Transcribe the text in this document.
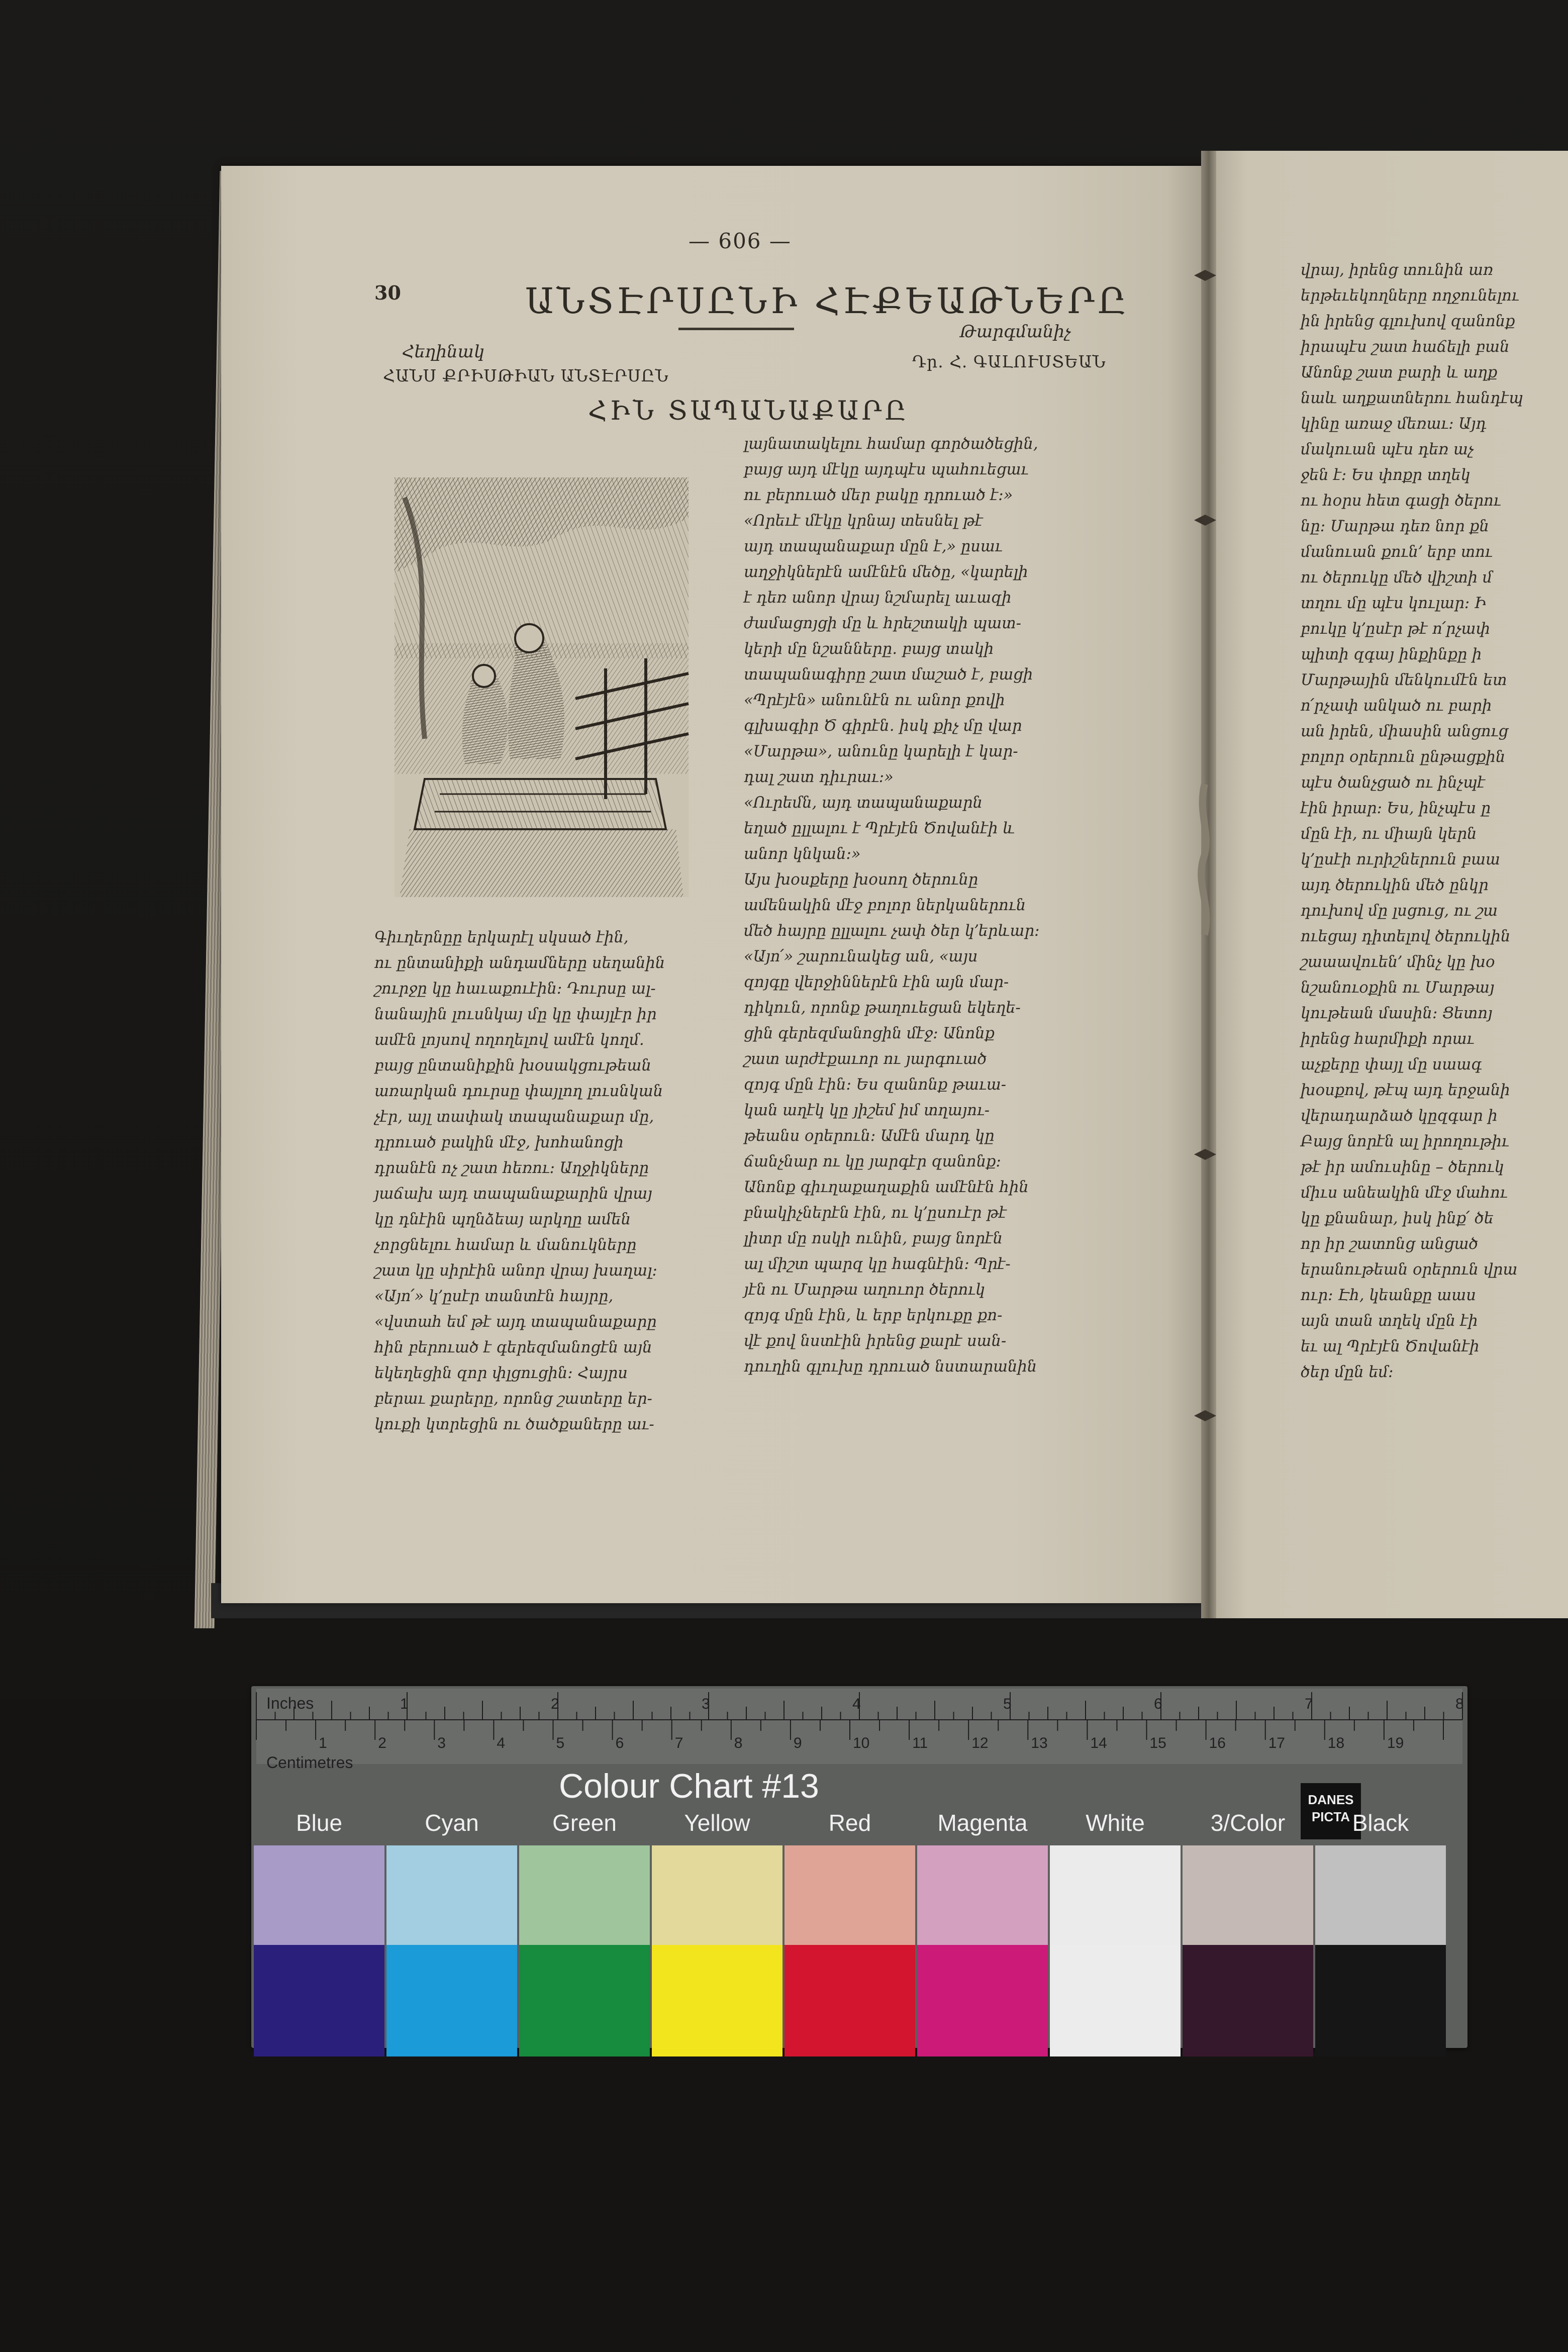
— 606 —
30	ԱՆՏԷՐՍԸՆԻ ՀԷՔԵԱԹՆԵՐԸ
Հեղինակ
ՀԱՆՍ ՔՐԻՍԹԻԱՆ ԱՆՏԷՐՍԸՆ
Թարգմանիչ
Դր. Հ. ԳԱԼՈՒՍՏԵԱՆ
ՀԻՆ ՏԱՊԱՆԱՔԱՐԸ
Գիւղերնըը երկարէլ սկսած էին,
ու ընտանիքի անդամները սեղանին
շուրջը կը հաւաքուէին։ Դուրսը ալ-
նանային լուսնկայ մը կը փայլէր իր
ամէն լոյսով ողողելով ամէն կողմ․
բայց ընտանիքին խօսակցութեան
առարկան դուրսը փայլող լուսնկան
չէր, այլ տափակ տապանաքար մը,
դրուած բակին մէջ, խոհանոցի
դրանէն ոչ շատ հեռու։ Աղջիկները
յաճախ այդ տապանաքարին վրայ
կը դնէին պղնձեայ արկղը ամեն
չորցնելու համար և մանուկները
շատ կը սիրէին անոր վրայ խաղալ։
«Այո՛» կ՚ըսէր տանտէն հայրը,
«վստահ եմ թէ այդ տապանաքարը
հին բերուած է գերեզմանոցէն այն
եկեղեցին զոր փլցուցին։ Հայրս
բերաւ քարերը, որոնց շատերը եր-
կուքի կտրեցին ու ծածքաները աւ-
լայնատակելու համար գործածեցին,
բայց այդ մէկը այդպէս պահուեցաւ
ու բերուած մեր բակը դրուած է։»
«Որեւէ մէկը կրնայ տեսնել թէ
այդ տապանաքար մըն է,» ըսաւ
աղջիկներէն ամէնէն մեծը, «կարելի
է դեռ անոր վրայ նշմարել աւազի
ժամացոյցի մը և հրեշտակի պատ-
կերի մը նշանները․ բայց տակի
տապանագիրը շատ մաշած է, բացի
«Պրէյէն» անունէն ու անոր քովի
գլխագիր Ծ գիրէն․ իսկ քիչ մը վար
«Մարթա», անունը կարելի է կար-
դալ շատ դիւրաւ։»
«Ուրեմն, այդ տապանաքարն
եղած ըլլալու է Պրէյէն Ծովանէի և
անոր կնկան։»
Այս խօսքերը խօսող ծերունը
ամենակին մէջ բոլոր ներկաներուն
մեծ հայրը ըլլալու չափ ծեր կ՚երևար։
«Այո՛» շարունակեց ան, «այս
զոյգը վերջիններէն էին այն մար-
դիկուն, որոնք թաղուեցան եկեղե-
ցին գերեզմանոցին մէջ։ Անոնք
շատ արժէքաւոր ու յարգուած
զոյգ մըն էին։ Ես զանոնք թաւա-
կան աղէկ կը յիշեմ իմ տղայու-
թեանս օրերուն։ Ամէն մարդ կը
ճանչնար ու կը յարգէր զանոնք։
Անոնք գիւղաքաղաքին ամէնէն հին
բնակիչներէն էին, ու կ՚ըսուէր թէ
լիտր մը ոսկի ունին, բայց նորէն
ալ միշտ պարզ կը հագնէին։ Պրէ-
յէն ու Մարթա աղուոր ծերուկ
զոյգ մըն էին, և երբ երկուքը քո-
վէ քով նստէին իրենց քարէ սան-
դուղին գլուխը դրուած նստարանին
վրայ, իրենց տունին առ
երթեւեկողները ողջունելու
ին իրենց գլուխով զանոնք
իրապէս շատ հաճելի բան
Անոնք շատ բարի և աղք
նաև աղքատներու հանդէպ
կինը առաջ մեռաւ։ Այդ
մակուան պէս դեռ աչ
ջեն է։ Ես փոքր տղեկ
ու հօրս հետ գացի ծերու
նը։ Մարթա դեռ նոր քն
մանուան քուն՚ երբ տու
ու ծերուկը մեծ վիշտի մ
տղու մը պէս կուլար։ Ի
բուկը կ՚ըսէր թէ ո՛րչափ
պիտի զգայ ինքինքը ի
Մարթային մենկումէն ետ
ո՛րչափ անկած ու բարի
ան իրեն, միասին անցուց
բոլոր օրերուն ընթացքին
պէս ծանչցած ու ինչպէ
էին իրար։ Ես, ինչպէս ը
մըն էի, ու միայն կերն
կ՚ըսէի ուրիշներուն բաա
այդ ծերուկին մեծ ընկր
դուխով մը լսցուց, ու շա
ուեցայ դիտելով ծերուկին
շաաավուեն՚ մինչ կը խօ
նշանուօքին ու Մարթայ
կութեան մասին։ Ցետոյ
իրենց հարմիքի որաւ
աչքերը փայլ մը սաագ
խօսքով, թէպ այդ երջանի
վերադարձած կըզգար ի
Բայց նորէն ալ իրողութիւ
թէ իր ամուսինը – ծերուկ
միւս անեակին մէջ մահու
կը քնանար, իսկ ինք՛ ծե
որ իր շատոնց անցած
երանութեան օրերուն վրա
ուր։ Էհ, կեանքը աաս
այն տան տղեկ մըն էի
եւ ալ Պրէյէն Ծովանէի
ծեր մըն եմ։
1	2	3	4	5	6	7	8
1	2	3	4	5	6	7	8	9	10	11	12	13	14	15	16	17	18	19
Inches
Centimetres
Colour Chart #13	DANES
PICTA
Blue	Cyan	Green	Yellow	Red	Magenta	White	3/Color	Black
